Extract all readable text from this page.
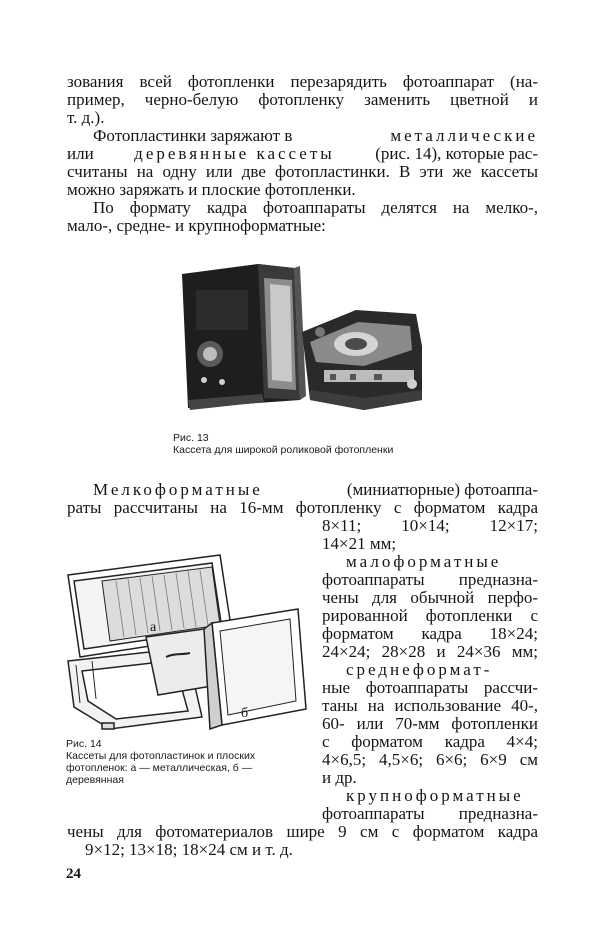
зования всей фотопленки перезарядить фотоаппарат (на-
пример, черно-белую фотопленку заменить цветной и
т. д.).
Фотопластинки заряжают в	металлические
или деревянные кассеты (рис. 14), которые рас-
считаны на одну или две фотопластинки. В эти же кассеты
можно заряжать и плоские фотопленки.
По формату кадра фотоаппараты делятся на мелко-,
мало-, средне- и крупноформатные:
Рис. 13
Кассета для широкой роликовой фотопленки
Мелкоформатные	(миниатюрные) фотоаппа-
раты рассчитаны на 16-мм фотопленку с форматом кадра
8×11; 10×14; 12×17;
14×21 мм;
малоформатные
фотоаппараты предназна-
чены для обычной перфо-
рированной фотопленки с
форматом кадра 18×24;
24×24; 28×28 и 24×36 мм;
среднеформат-
ные фотоаппараты рассчи-
таны на использование 40-,
60- или 70-мм фотопленки
с форматом кадра 4×4;
4×6,5; 4,5×6; 6×6; 6×9 см
и др.
крупноформатные
фотоаппараты предназна-
чены для фотоматериалов шире 9 см с форматом кадра
9×12; 13×18; 18×24 см и т. д.
а
б
Рис. 14
Кассеты для фотопластинок и плоских
фотопленок: а — металлическая, б —
деревянная
24
